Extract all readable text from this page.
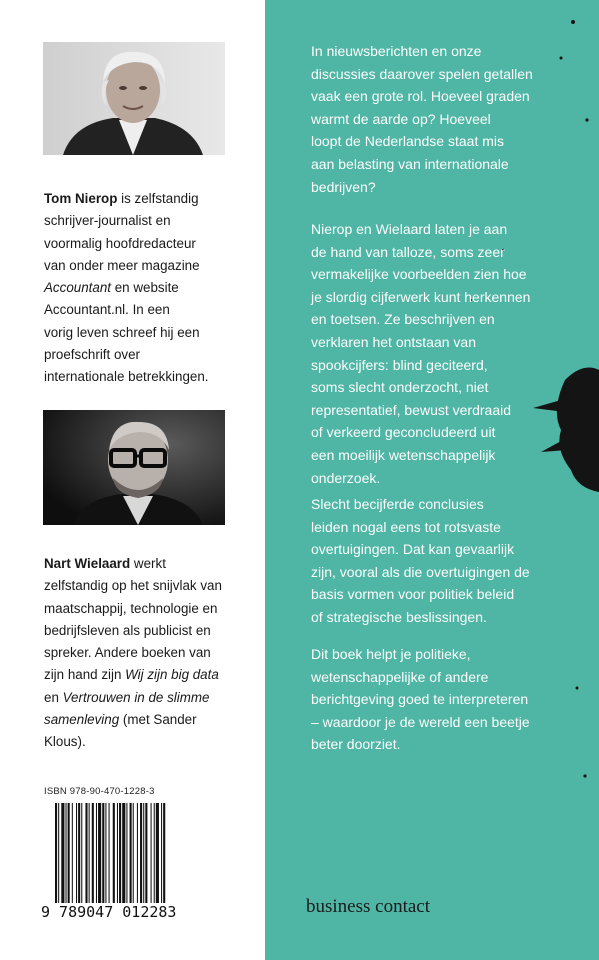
Tom Nierop is zelfstandig
schrijver-journalist en
voormalig hoofdredacteur
van onder meer magazine
Accountant en website
Accountant.nl. In een
vorig leven schreef hij een
proefschrift over
internationale betrekkingen.
Nart Wielaard werkt
zelfstandig op het snijvlak van
maatschappij, technologie en
bedrijfsleven als publicist en
spreker. Andere boeken van
zijn hand zijn Wij zijn big data
en Vertrouwen in de slimme
samenleving (met Sander
Klous).
ISBN 978-90-470-1228-3
9 789047 012283
In nieuwsberichten en onze
discussies daarover spelen getallen
vaak een grote rol. Hoeveel graden
warmt de aarde op? Hoeveel
loopt de Nederlandse staat mis
aan belasting van internationale
bedrijven?
Nierop en Wielaard laten je aan
de hand van talloze, soms zeer
vermakelijke voorbeelden zien hoe
je slordig cijferwerk kunt herkennen
en toetsen. Ze beschrijven en
verklaren het ontstaan van
spookcijfers: blind geciteerd,
soms slecht onderzocht, niet
representatief, bewust verdraaid
of verkeerd geconcludeerd uit
een moeilijk wetenschappelijk
onderzoek.
Slecht becijferde conclusies
leiden nogal eens tot rotsvaste
overtuigingen. Dat kan gevaarlijk
zijn, vooral als die overtuigingen de
basis vormen voor politiek beleid
of strategische beslissingen.
Dit boek helpt je politieke,
wetenschappelijke of andere
berichtgeving goed te interpreteren
– waardoor je de wereld een beetje
beter doorziet.
business contact
